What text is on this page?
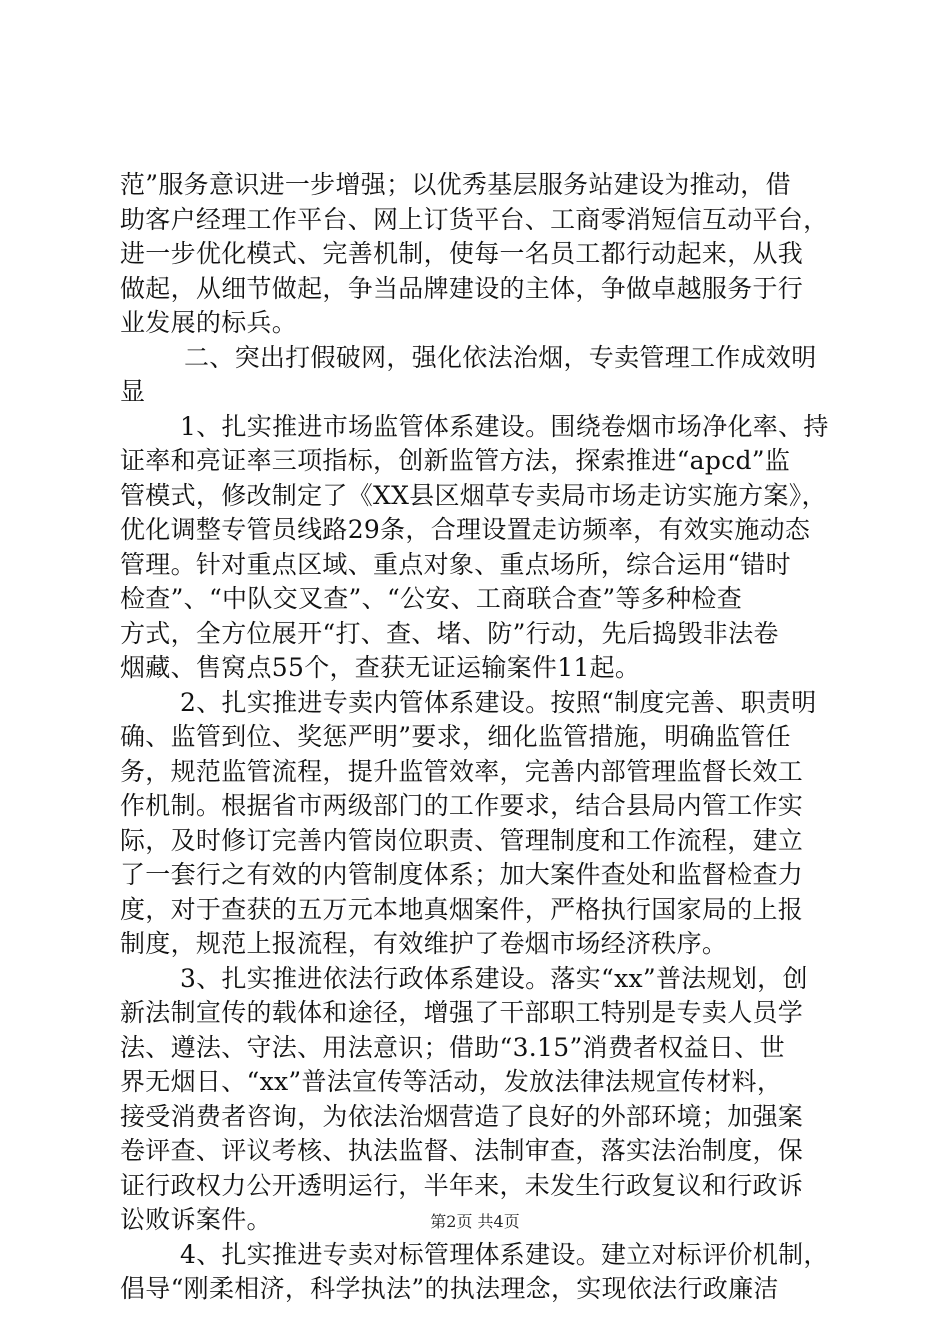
范”服务意识进一步增强；以优秀基层服务站建设为推动，借
助客户经理工作平台、网上订货平台、工商零消短信互动平台，
进一步优化模式、完善机制，使每一名员工都行动起来，从我
做起，从细节做起，争当品牌建设的主体，争做卓越服务于行
业发展的标兵。
二、突出打假破网，强化依法治烟，专卖管理工作成效明
显
1、扎实推进市场监管体系建设。围绕卷烟市场净化率、持
证率和亮证率三项指标，创新监管方法，探索推进“apcd”监
管模式，修改制定了《XX县区烟草专卖局市场走访实施方案》，
优化调整专管员线路29条，合理设置走访频率，有效实施动态
管理。针对重点区域、重点对象、重点场所，综合运用“错时
检查”、“中队交叉查”、“公安、工商联合查”等多种检查
方式，全方位展开“打、查、堵、防”行动，先后捣毁非法卷
烟藏、售窝点55个，查获无证运输案件11起。
2、扎实推进专卖内管体系建设。按照“制度完善、职责明
确、监管到位、奖惩严明”要求，细化监管措施，明确监管任
务，规范监管流程，提升监管效率，完善内部管理监督长效工
作机制。根据省市两级部门的工作要求，结合县局内管工作实
际，及时修订完善内管岗位职责、管理制度和工作流程，建立
了一套行之有效的内管制度体系；加大案件查处和监督检查力
度，对于查获的五万元本地真烟案件，严格执行国家局的上报
制度，规范上报流程，有效维护了卷烟市场经济秩序。
3、扎实推进依法行政体系建设。落实“xx”普法规划，创
新法制宣传的载体和途径，增强了干部职工特别是专卖人员学
法、遵法、守法、用法意识；借助“3.15”消费者权益日、世
界无烟日、“xx”普法宣传等活动，发放法律法规宣传材料，
接受消费者咨询，为依法治烟营造了良好的外部环境；加强案
卷评查、评议考核、执法监督、法制审查，落实法治制度，保
证行政权力公开透明运行，半年来，未发生行政复议和行政诉
讼败诉案件。
4、扎实推进专卖对标管理体系建设。建立对标评价机制，
倡导“刚柔相济，科学执法”的执法理念，实现依法行政廉洁
第2页 共4页
